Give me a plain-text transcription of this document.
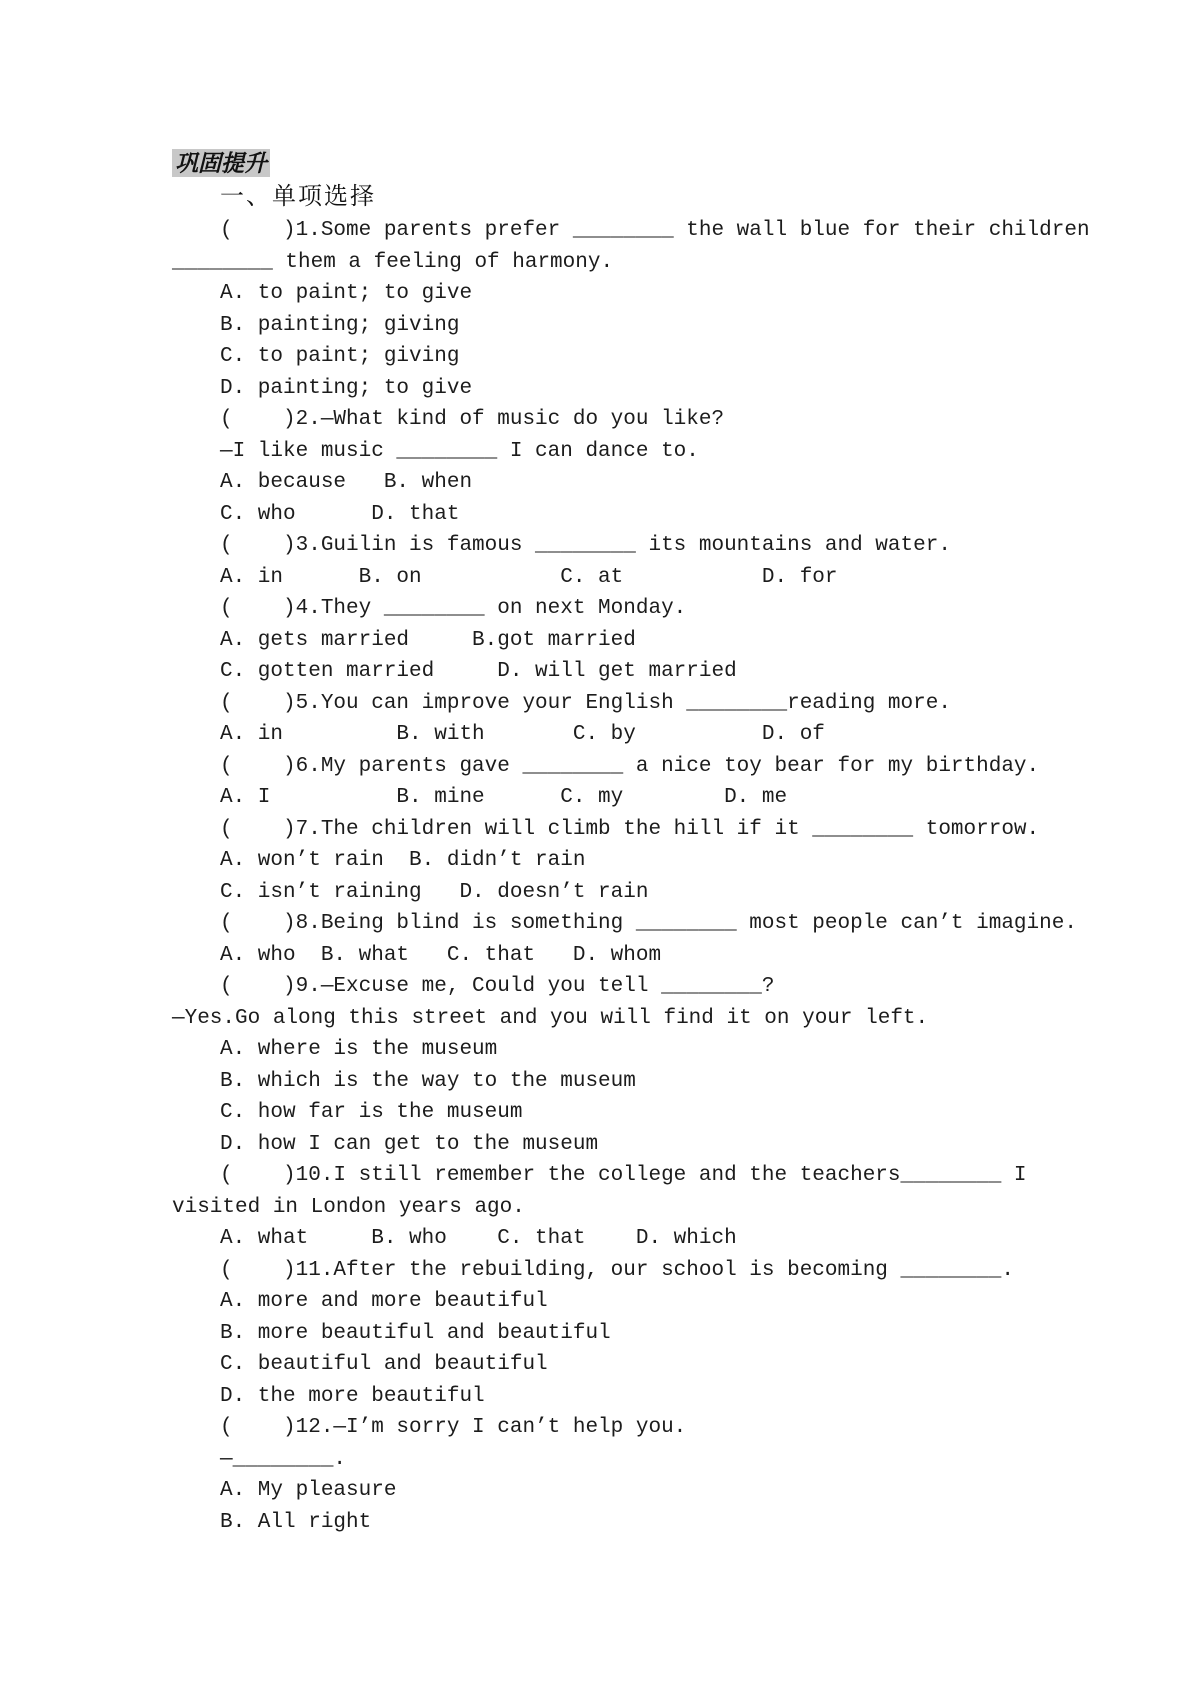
巩固提升
一、单项选择
(    )1.Some parents prefer ________ the wall blue for their children
________ them a feeling of harmony.
A. to paint; to give
B. painting; giving
C. to paint; giving
D. painting; to give
(    )2.—What kind of music do you like?
—I like music ________ I can dance to.
A. because   B. when
C. who      D. that
(    )3.Guilin is famous ________ its mountains and water.
A. in      B. on           C. at           D. for
(    )4.They ________ on next Monday.
A. gets married     B.got married
C. gotten married     D. will get married
(    )5.You can improve your English ________reading more.
A. in         B. with       C. by          D. of
(    )6.My parents gave ________ a nice toy bear for my birthday.
A. I          B. mine      C. my        D. me
(    )7.The children will climb the hill if it ________ tomorrow.
A. won’t rain  B. didn’t rain
C. isn’t raining   D. doesn’t rain
(    )8.Being blind is something ________ most people can’t imagine.
A. who  B. what   C. that   D. whom
(    )9.—Excuse me, Could you tell ________?
—Yes.Go along this street and you will find it on your left.
A. where is the museum
B. which is the way to the museum
C. how far is the museum
D. how I can get to the museum
(    )10.I still remember the college and the teachers________ I
visited in London years ago.
A. what     B. who    C. that    D. which
(    )11.After the rebuilding, our school is becoming ________.
A. more and more beautiful
B. more beautiful and beautiful
C. beautiful and beautiful
D. the more beautiful
(    )12.—I’m sorry I can’t help you.
—________.
A. My pleasure
B. All right
